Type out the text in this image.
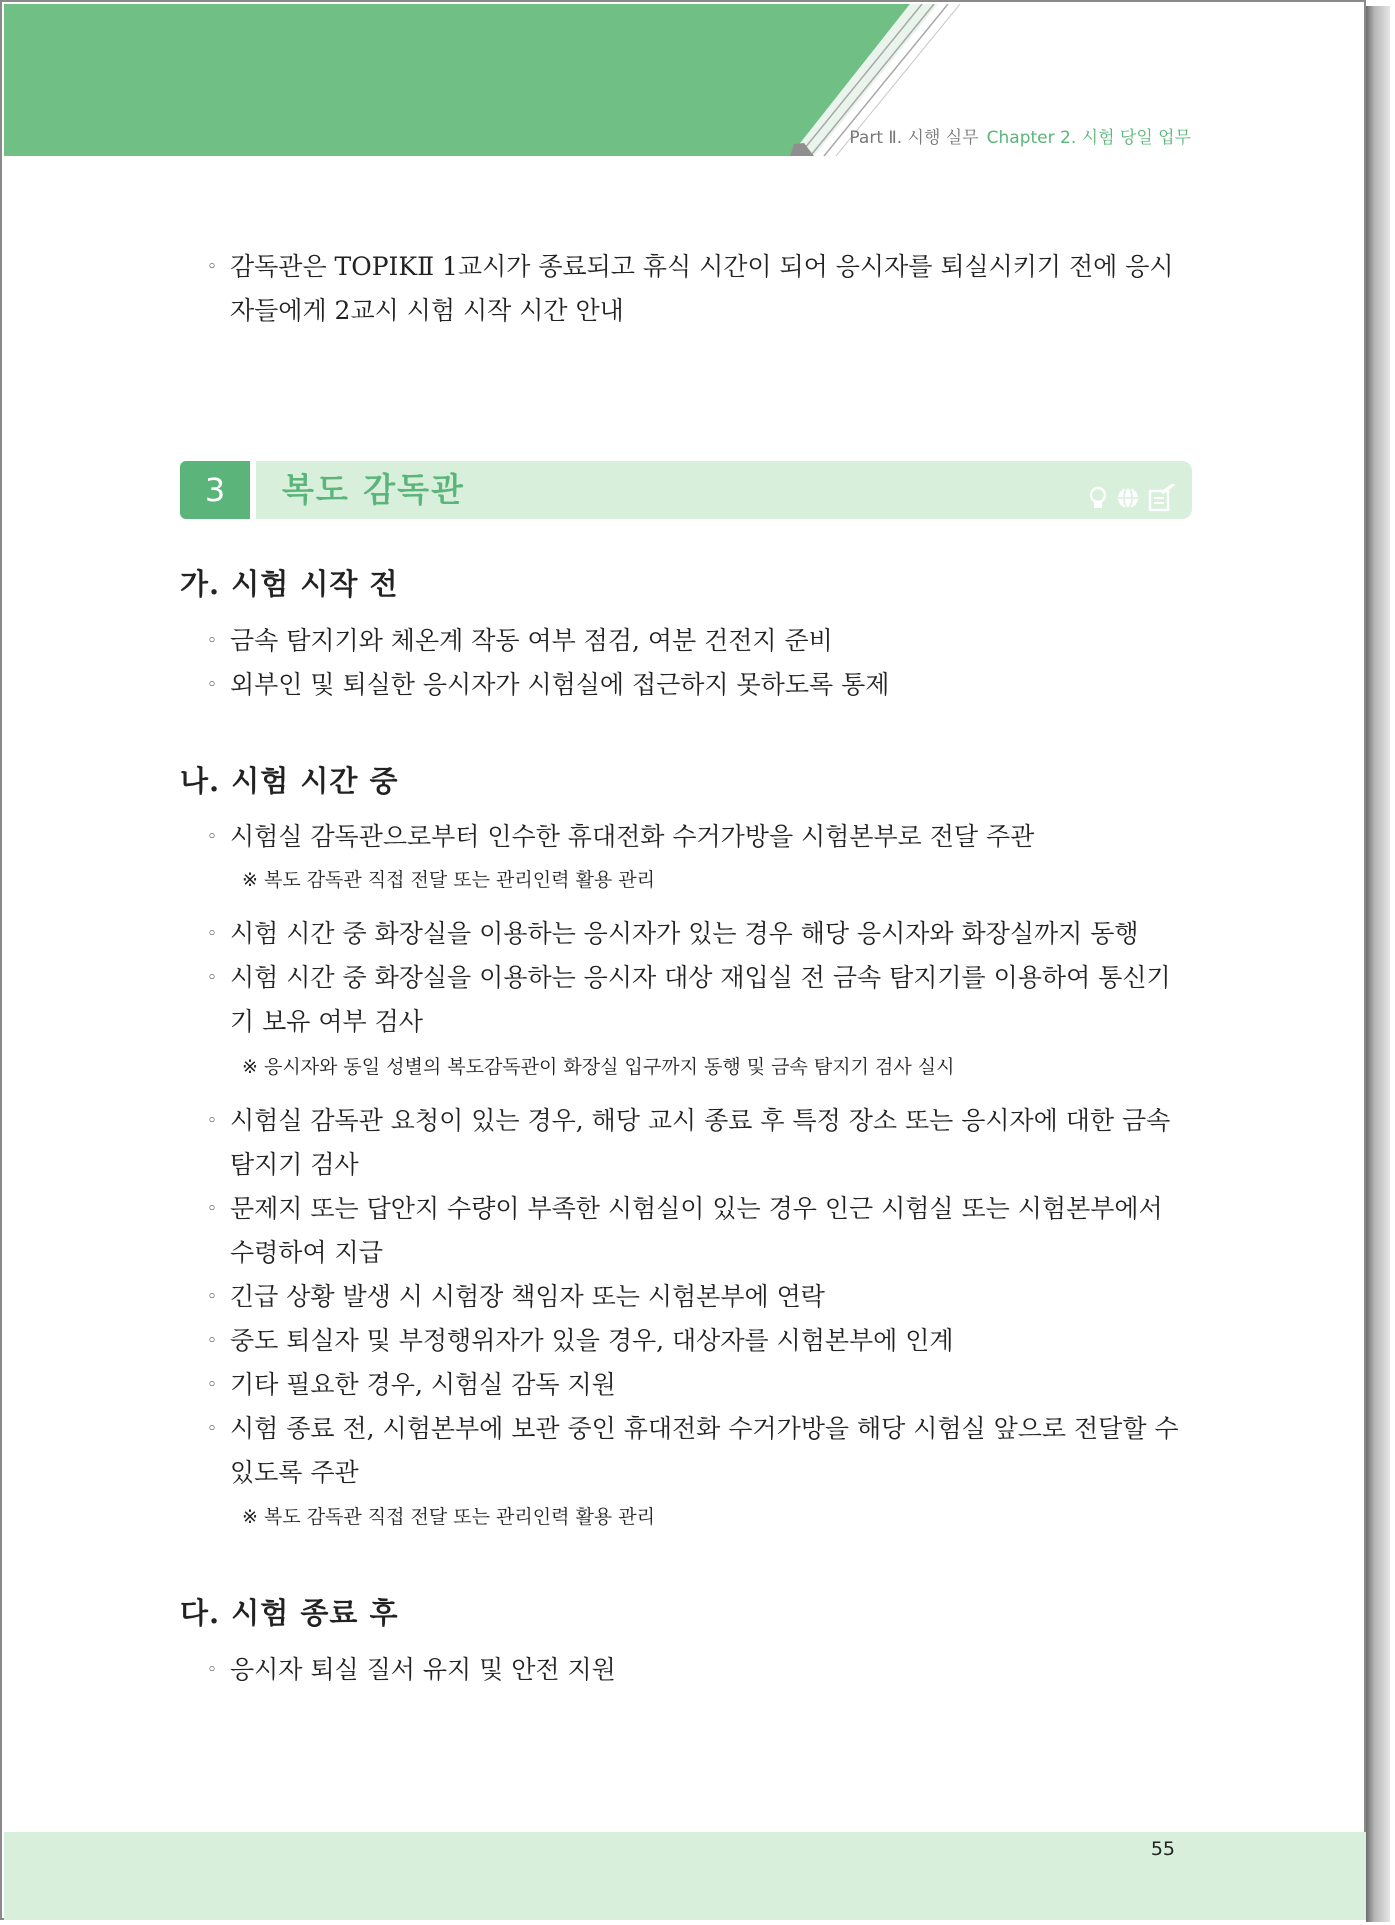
Part Ⅱ. 시행 실무 Chapter 2. 시험 당일 업무
◦ 감독관은 TOPIKⅡ 1교시가 종료되고 휴식 시간이 되어 응시자를 퇴실시키기 전에 응시자들에게 2교시 시험 시작 시간 안내
3	복도 감독관
가. 시험 시작 전
◦ 금속 탐지기와 체온계 작동 여부 점검, 여분 건전지 준비
◦ 외부인 및 퇴실한 응시자가 시험실에 접근하지 못하도록 통제
나. 시험 시간 중
◦ 시험실 감독관으로부터 인수한 휴대전화 수거가방을 시험본부로 전달 주관
※ 복도 감독관 직접 전달 또는 관리인력 활용 관리
◦ 시험 시간 중 화장실을 이용하는 응시자가 있는 경우 해당 응시자와 화장실까지 동행
◦ 시험 시간 중 화장실을 이용하는 응시자 대상 재입실 전 금속 탐지기를 이용하여 통신기기 보유 여부 검사
※ 응시자와 동일 성별의 복도감독관이 화장실 입구까지 동행 및 금속 탐지기 검사 실시
◦ 시험실 감독관 요청이 있는 경우, 해당 교시 종료 후 특정 장소 또는 응시자에 대한 금속 탐지기 검사
◦ 문제지 또는 답안지 수량이 부족한 시험실이 있는 경우 인근 시험실 또는 시험본부에서 수령하여 지급
◦ 긴급 상황 발생 시 시험장 책임자 또는 시험본부에 연락
◦ 중도 퇴실자 및 부정행위자가 있을 경우, 대상자를 시험본부에 인계
◦ 기타 필요한 경우, 시험실 감독 지원
◦ 시험 종료 전, 시험본부에 보관 중인 휴대전화 수거가방을 해당 시험실 앞으로 전달할 수 있도록 주관
※ 복도 감독관 직접 전달 또는 관리인력 활용 관리
다. 시험 종료 후
◦ 응시자 퇴실 질서 유지 및 안전 지원
55
